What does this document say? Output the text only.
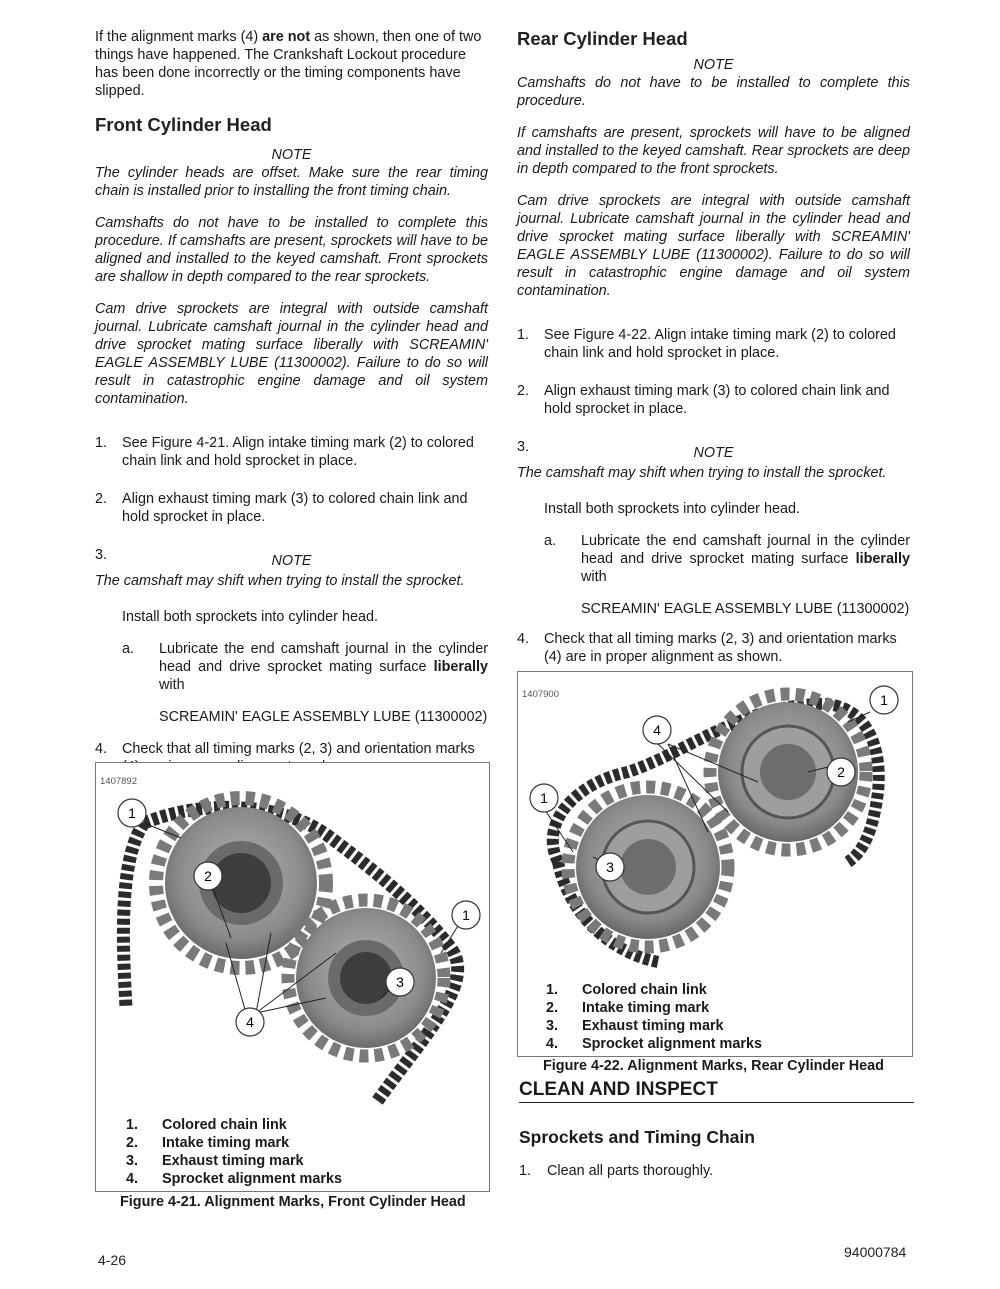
If the alignment marks (4) are not as shown, then one of two things have happened. The Crankshaft Lockout procedure has been done incorrectly or the timing components have slipped.

Front Cylinder Head

NOTE

The cylinder heads are offset. Make sure the rear timing chain is installed prior to installing the front timing chain.

Camshafts do not have to be installed to complete this procedure. If camshafts are present, sprockets will have to be aligned and installed to the keyed camshaft. Front sprockets are shallow in depth compared to the rear sprockets.

Cam drive sprockets are integral with outside camshaft journal. Lubricate camshaft journal in the cylinder head and drive sprocket mating surface liberally with SCREAMIN' EAGLE ASSEMBLY LUBE (11300002). Failure to do so will result in catastrophic engine damage and oil system contamination.

1.	See Figure 4-21. Align intake timing mark (2) to colored chain link and hold sprocket in place.
2.	Align exhaust timing mark (3) to colored chain link and hold sprocket in place.
3.	NOTE

The camshaft may shift when trying to install the sprocket.

Install both sprockets into cylinder head.

a.	Lubricate the end camshaft journal in the cylinder head and drive sprocket mating surface liberally with

SCREAMIN' EAGLE ASSEMBLY LUBE (11300002)

4.	Check that all timing marks (2, 3) and orientation marks
Rear Cylinder Head

NOTE

Camshafts do not have to be installed to complete this procedure.

If camshafts are present, sprockets will have to be aligned and installed to the keyed camshaft. Rear sprockets are deep in depth compared to the front sprockets.

Cam drive sprockets are integral with outside camshaft journal. Lubricate camshaft journal in the cylinder head and drive sprocket mating surface liberally with SCREAMIN' EAGLE ASSEMBLY LUBE (11300002). Failure to do so will result in catastrophic engine damage and oil system contamination.

1.	See Figure 4-22. Align intake timing mark (2) to colored chain link and hold sprocket in place.
2.	Align exhaust timing mark (3) to colored chain link and hold sprocket in place.
3.	NOTE

The camshaft may shift when trying to install the sprocket.

Install both sprockets into cylinder head.

a.	Lubricate the end camshaft journal in the cylinder head and drive sprocket mating surface liberally with

SCREAMIN' EAGLE ASSEMBLY LUBE (11300002)

4.	Check that all timing marks (2, 3) and orientation marks (4) are in proper alignment as shown.
1407892
1
2
1
3
4
1.	Colored chain link
2.	Intake timing mark
3.	Exhaust timing mark
4.	Sprocket alignment marks
Figure 4-21. Alignment Marks, Front Cylinder Head
1407900	1
4
2
1
3
1.	Colored chain link
2.	Intake timing mark
3.	Exhaust timing mark
4.	Sprocket alignment marks
Figure 4-22. Alignment Marks, Rear Cylinder Head
CLEAN AND INSPECT
Sprockets and Timing Chain
1.	Clean all parts thoroughly.
4-26	94000784
